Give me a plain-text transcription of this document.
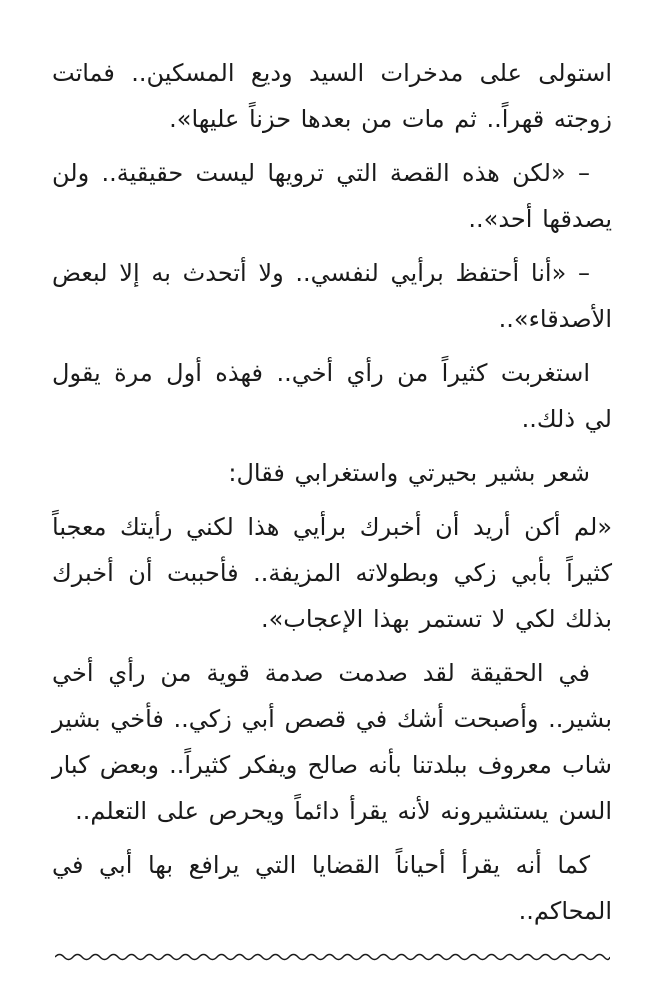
استولى على مدخرات السيد وديع المسكين.. فماتت زوجته قهراً.. ثم مات من بعدها حزناً عليها».

– «لكن هذه القصة التي ترويها ليست حقيقية.. ولن يصدقها أحد»..

– «أنا أحتفظ برأيي لنفسي.. ولا أتحدث به إلا لبعض الأصدقاء»..

استغربت كثيراً من رأي أخي.. فهذه أول مرة يقول لي ذلك..

شعر بشير بحيرتي واستغرابي فقال:

«لم أكن أريد أن أخبرك برأيي هذا لكني رأيتك معجباً كثيراً بأبي زكي وبطولاته المزيفة.. فأحببت أن أخبرك بذلك لكي لا تستمر بهذا الإعجاب».

في الحقيقة لقد صدمت صدمة قوية من رأي أخي بشير.. وأصبحت أشك في قصص أبي زكي.. فأخي بشير شاب معروف ببلدتنا بأنه صالح ويفكر كثيراً.. وبعض كبار السن يستشيرونه لأنه يقرأ دائماً ويحرص على التعلم..

كما أنه يقرأ أحياناً القضايا التي يرافع بها أبي في المحاكم..
